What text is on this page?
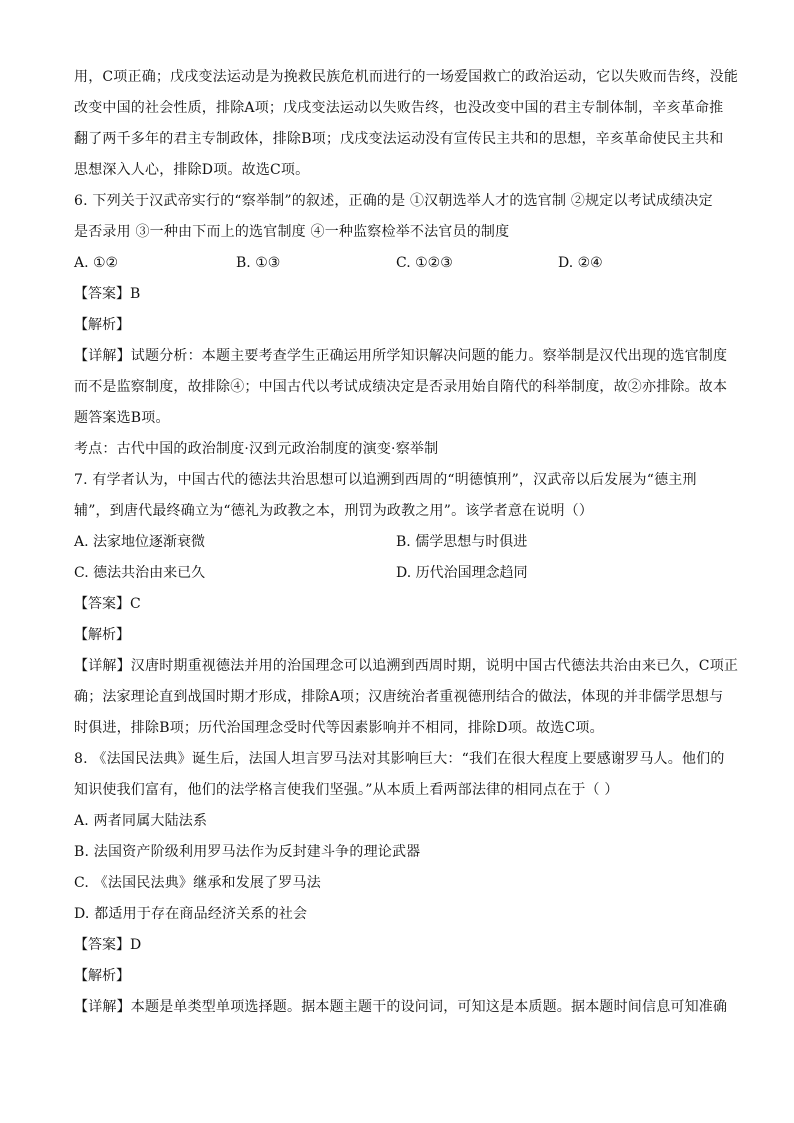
用，C项正确；戊戌变法运动是为挽救民族危机而进行的一场爱国救亡的政治运动，它以失败而告终，没能
改变中国的社会性质，排除A项；戊戌变法运动以失败告终，也没改变中国的君主专制体制，辛亥革命推
翻了两千多年的君主专制政体，排除B项；戊戌变法运动没有宣传民主共和的思想，辛亥革命使民主共和
思想深入人心，排除D项。故选C项。
6. 下列关于汉武帝实行的“察举制”的叙述，正确的是 ①汉朝选举人才的选官制 ②规定以考试成绩决定
是否录用 ③一种由下而上的选官制度 ④一种监察检举不法官员的制度
A. ①②	B. ①③	C. ①②③	D. ②④
【答案】B
【解析】
【详解】试题分析：本题主要考查学生正确运用所学知识解决问题的能力。察举制是汉代出现的选官制度
而不是监察制度，故排除④；中国古代以考试成绩决定是否录用始自隋代的科举制度，故②亦排除。故本
题答案选B项。
考点：古代中国的政治制度·汉到元政治制度的演变·察举制
7. 有学者认为，中国古代的德法共治思想可以追溯到西周的“明德慎刑”，汉武帝以后发展为“德主刑
辅”，到唐代最终确立为“德礼为政教之本，刑罚为政教之用”。该学者意在说明（）
A. 法家地位逐渐衰微	B. 儒学思想与时俱进
C. 德法共治由来已久	D. 历代治国理念趋同
【答案】C
【解析】
【详解】汉唐时期重视德法并用的治国理念可以追溯到西周时期，说明中国古代德法共治由来已久，C项正
确；法家理论直到战国时期才形成，排除A项；汉唐统治者重视德刑结合的做法，体现的并非儒学思想与
时俱进，排除B项；历代治国理念受时代等因素影响并不相同，排除D项。故选C项。
8. 《法国民法典》诞生后，法国人坦言罗马法对其影响巨大：“我们在很大程度上要感谢罗马人。他们的
知识使我们富有，他们的法学格言使我们坚强。”从本质上看两部法律的相同点在于（ ）
A. 两者同属大陆法系
B. 法国资产阶级利用罗马法作为反封建斗争的理论武器
C. 《法国民法典》继承和发展了罗马法
D. 都适用于存在商品经济关系的社会
【答案】D
【解析】
【详解】本题是单类型单项选择题。据本题主题干的设问词，可知这是本质题。据本题时间信息可知准确
